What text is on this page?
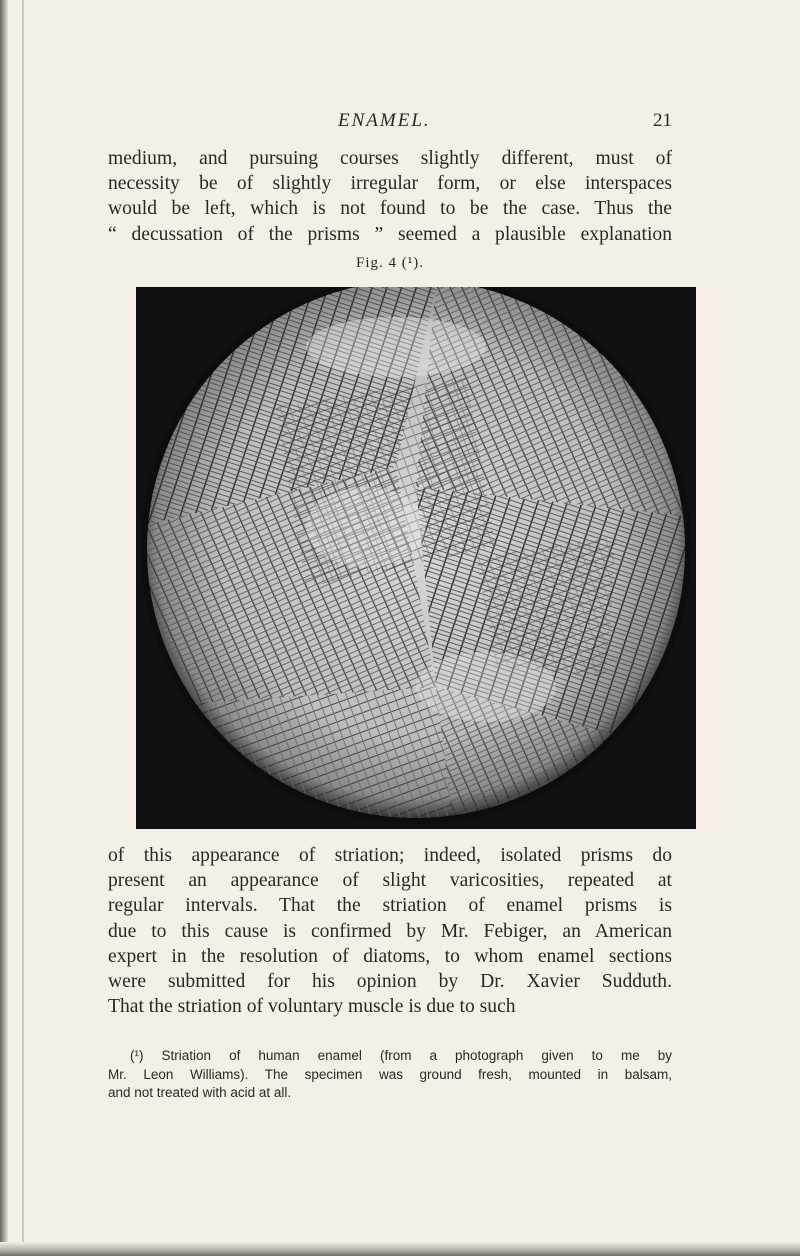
ENAMEL.	21

medium, and pursuing courses slightly different, must of
necessity be of slightly irregular form, or else interspaces
would be left, which is not found to be the case. Thus the
“ decussation of the prisms ” seemed a plausible explanation

Fig. 4 (¹).

of this appearance of striation; indeed, isolated prisms do
present an appearance of slight varicosities, repeated at
regular intervals. That the striation of enamel prisms is
due to this cause is confirmed by Mr. Febiger, an American
expert in the resolution of diatoms, to whom enamel sections
were submitted for his opinion by Dr. Xavier Sudduth.
That the striation of voluntary muscle is due to such

(¹) Striation of human enamel (from a photograph given to me by
Mr. Leon Williams). The specimen was ground fresh, mounted in balsam,
and not treated with acid at all.
